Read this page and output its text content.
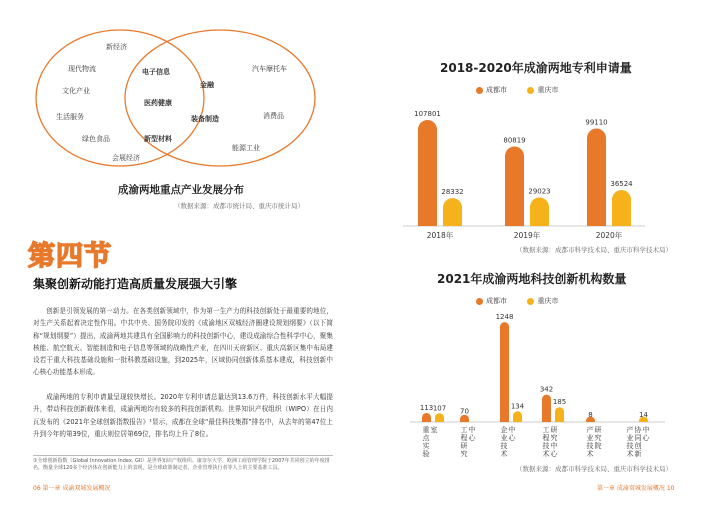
新经济
现代物流
文化产业
生活服务
绿色食品
会展经济
电子信息
金融
医药健康
装备制造
新型材料
汽车摩托车
消费品
能源工业
成渝两地重点产业发展分布
（数据来源：成都市统计局、重庆市统计局）
第四节
集聚创新动能打造高质量发展强大引擎
创新是引领发展的第一动力。在各类创新领域中，作为第一生产力的科技创新处于最重要的地位，对生产关系起着决定性作用。中共中央、国务院印发的《成渝地区双城经济圈建设规划纲要》（以下简称“规划纲要”）提出，成渝两地共建具有全国影响力的科技创新中心，建设成渝综合性科学中心，聚集核能、航空航天、智能制造和电子信息等领域的战略性产业，在四川天府新区、重庆高新区集中布局建设若干重大科技基础设施和一批科教基础设施，到2025年，区域协同创新体系基本建成，科技创新中心核心功能基本形成。
成渝两地的专利申请量呈现较快增长。2020年专利申请总量达到13.6万件，科技创新水平大幅提升，带动科技创新载体来看，成渝两地均有较多的科技创新机构。世界知识产权组织（WIPO）在日内瓦发布的《2021年全球创新指数报告》¹显示，成都在全球“最佳科技集群”排名中，从去年的第47位上升到今年的第39位，重庆则位居第69位，排名均上升了8位。
①全球创新指数（Global Innovation Index, GII）是世界知识产权组织、康奈尔大学、欧洲工商管理学院于2007年共同创立的年度排名，衡量全球120多个经济体在创新能力上的表现，是全球政策制定者、企业管理执行者等人士的主要基准工具。
06 第一章 成渝双城发展概况
2018-2020年成渝两地专利申请量
成都市	重庆市
107801
28332
2018年
80819
29023
2019年
99110
36524
2020年
（数据来源：成都市科学技术局、重庆市科学技术局）
2021年成渝两地科技创新机构数量
成都市	重庆市
113 107
重点实验室
70
工程研究中心
1248
134
企业技术中心
342
185
工程技术研究中心
8
产业技术研究院
14
产业技术协同创新中心
（数据来源：成都市科学技术局、重庆市科学技术局）
第一章 成渝双城发展概况 10
